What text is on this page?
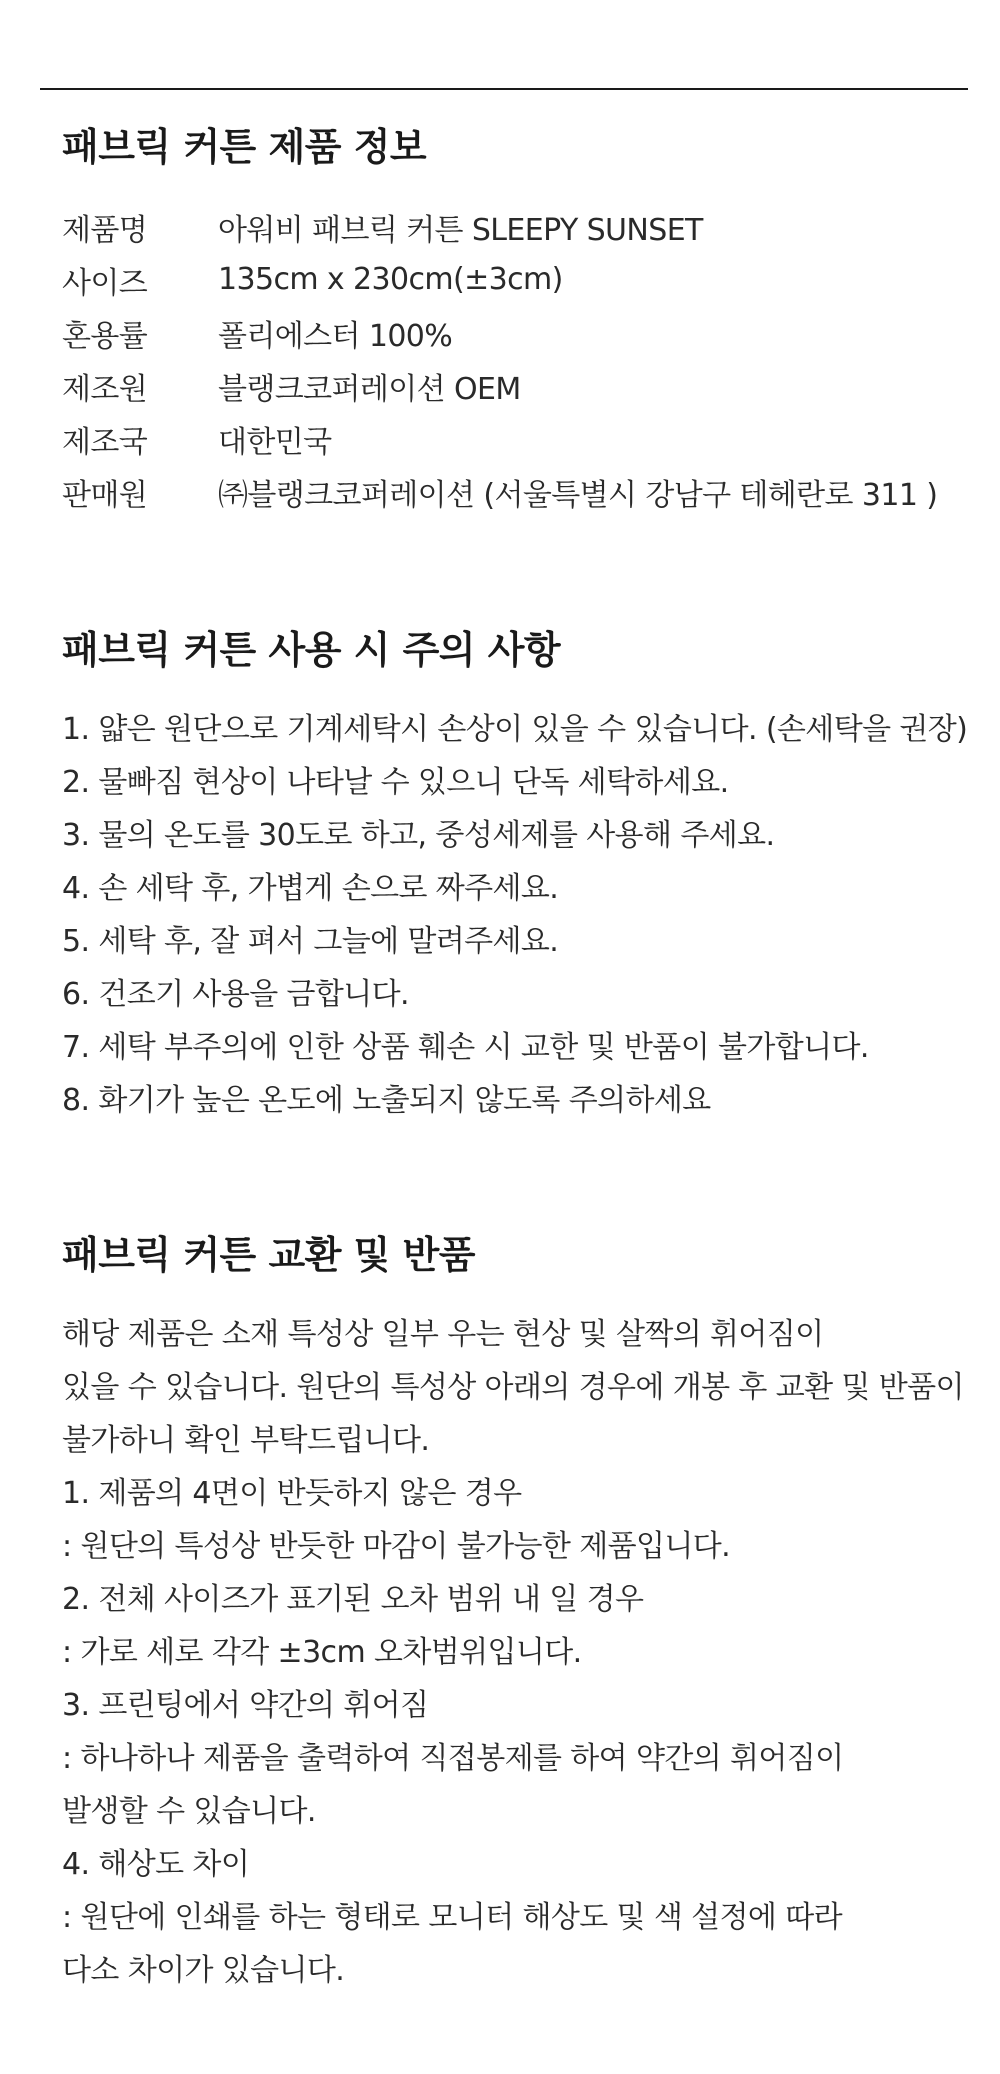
패브릭 커튼 제품 정보
제품명	아워비 패브릭 커튼 SLEEPY SUNSET
사이즈	135cm x 230cm(±3cm)
혼용률	폴리에스터 100%
제조원	블랭크코퍼레이션 OEM
제조국	대한민국
판매원	㈜블랭크코퍼레이션 (서울특별시 강남구 테헤란로 311 )
패브릭 커튼 사용 시 주의 사항
1. 얇은 원단으로 기계세탁시 손상이 있을 수 있습니다. (손세탁을 권장)
2. 물빠짐 현상이 나타날 수 있으니 단독 세탁하세요.
3. 물의 온도를 30도로 하고, 중성세제를 사용해 주세요.
4. 손 세탁 후, 가볍게 손으로 짜주세요.
5. 세탁 후, 잘 펴서 그늘에 말려주세요.
6. 건조기 사용을 금합니다.
7. 세탁 부주의에 인한 상품 훼손 시 교한 및 반품이 불가합니다.
8. 화기가 높은 온도에 노출되지 않도록 주의하세요
패브릭 커튼 교환 및 반품
해당 제품은 소재 특성상 일부 우는 현상 및 살짝의 휘어짐이
있을 수 있습니다. 원단의 특성상 아래의 경우에 개봉 후 교환 및 반품이
불가하니 확인 부탁드립니다.
1. 제품의 4면이 반듯하지 않은 경우
: 원단의 특성상 반듯한 마감이 불가능한 제품입니다.
2. 전체 사이즈가 표기된 오차 범위 내 일 경우
: 가로 세로 각각 ±3cm 오차범위입니다.
3. 프린팅에서 약간의 휘어짐
: 하나하나 제품을 출력하여 직접봉제를 하여 약간의 휘어짐이
발생할 수 있습니다.
4. 해상도 차이
: 원단에 인쇄를 하는 형태로 모니터 해상도 및 색 설정에 따라
다소 차이가 있습니다.
